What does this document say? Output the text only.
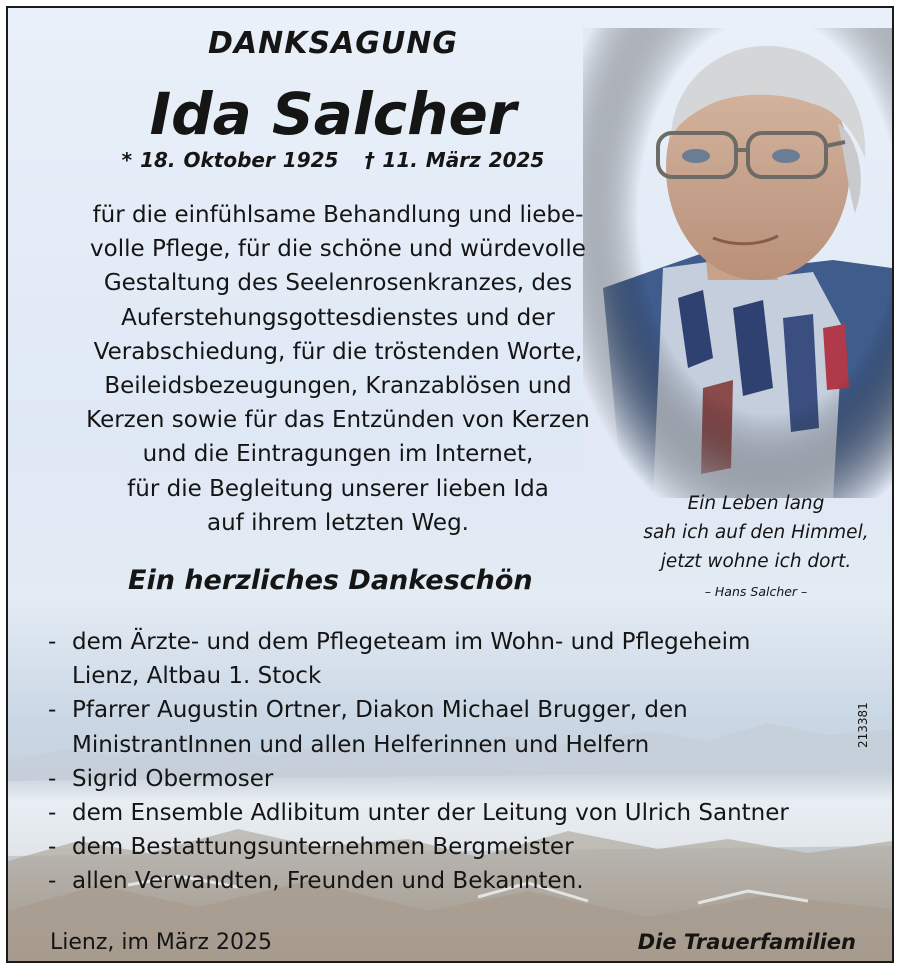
DANKSAGUNG
Ida Salcher
* 18. Oktober 1925 † 11. März 2025
für die einfühlsame Behandlung und liebe-
volle Pflege, für die schöne und würdevolle
Gestaltung des Seelenrosenkranzes, des
Auferstehungsgottesdienstes und der
Verabschiedung, für die tröstenden Worte,
Beileidsbezeugungen, Kranzablösen und
Kerzen sowie für das Entzünden von Kerzen
und die Eintragungen im Internet,
für die Begleitung unserer lieben Ida
auf ihrem letzten Weg.
Ein Leben lang
sah ich auf den Himmel,
jetzt wohne ich dort.
– Hans Salcher –
Ein herzliches Dankeschön
- dem Ärzte- und dem Pflegeteam im Wohn- und Pflegeheim
Lienz, Altbau 1. Stock
- Pfarrer Augustin Ortner, Diakon Michael Brugger, den
MinistrantInnen und allen Helferinnen und Helfern
- Sigrid Obermoser
- dem Ensemble Adlibitum unter der Leitung von Ulrich Santner
- dem Bestattungsunternehmen Bergmeister
- allen Verwandten, Freunden und Bekannten.
213381
Lienz, im März 2025	Die Trauerfamilien
